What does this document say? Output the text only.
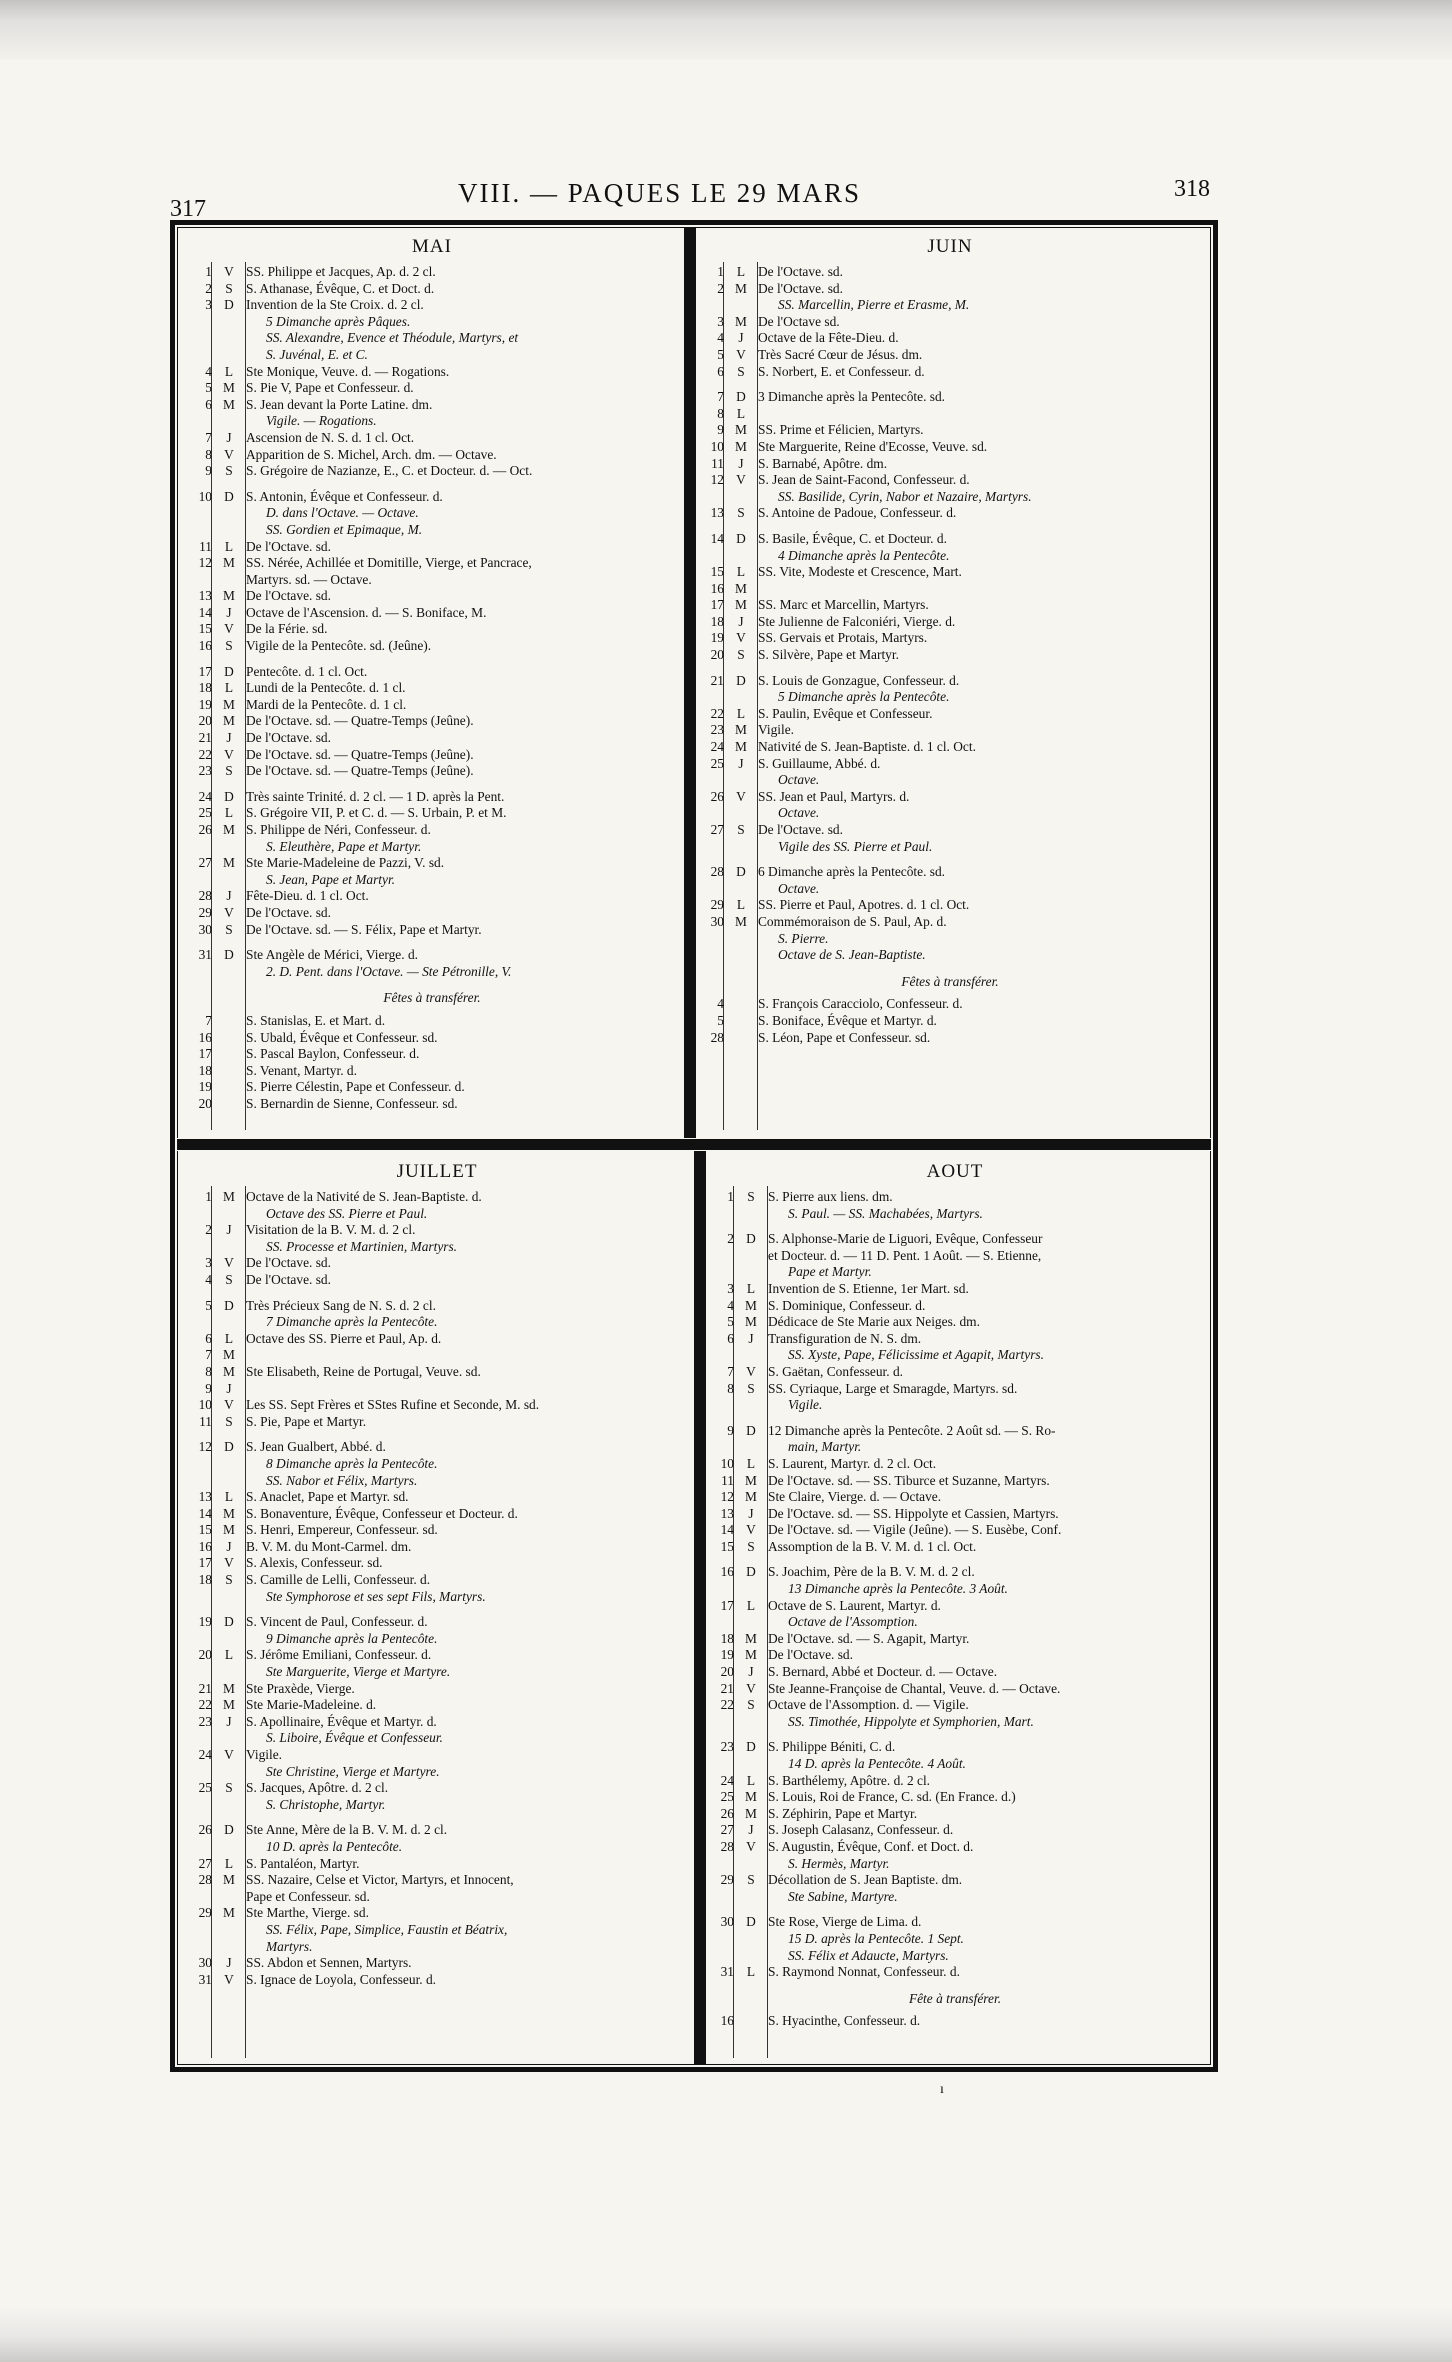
317
VIII. — PAQUES LE 29 MARS	318
MAI
1 V SS. Philippe et Jacques, Ap. d. 2 cl.
2 S S. Athanase, Évêque, C. et Doct. d.
3 D Invention de la Ste Croix. d. 2 cl.
5 Dimanche après Pâques.
SS. Alexandre, Evence et Théodule, Martyrs, et
S. Juvénal, E. et C.
4 L Ste Monique, Veuve. d. — Rogations.
5 M S. Pie V, Pape et Confesseur. d.
6 M S. Jean devant la Porte Latine. dm.
Vigile. — Rogations.
7	J	Ascension de N. S. d. 1 cl. Oct.
8 V Apparition de S. Michel, Arch. dm. — Octave.
9 S S. Grégoire de Nazianze, E., C. et Docteur. d. — Oct.
10 D S. Antonin, Évêque et Confesseur. d.
D. dans l'Octave. — Octave.
SS. Gordien et Epimaque, M.
11 L De l'Octave. sd.
12 M SS. Nérée, Achillée et Domitille, Vierge, et Pancrace,
Martyrs. sd. — Octave.
13 M De l'Octave. sd.
14	J	Octave de l'Ascension. d. — S. Boniface, M.
15 V De la Férie. sd.
16 S Vigile de la Pentecôte. sd. (Jeûne).
17 D Pentecôte. d. 1 cl. Oct.
18 L Lundi de la Pentecôte. d. 1 cl.
19 M Mardi de la Pentecôte. d. 1 cl.
20 M De l'Octave. sd. — Quatre-Temps (Jeûne).
21	J	De l'Octave. sd.
22 V De l'Octave. sd. — Quatre-Temps (Jeûne).
23 S De l'Octave. sd. — Quatre-Temps (Jeûne).
24 D Très sainte Trinité. d. 2 cl. — 1 D. après la Pent.
25 L S. Grégoire VII, P. et C. d. — S. Urbain, P. et M.
26 M S. Philippe de Néri, Confesseur. d.
S. Eleuthère, Pape et Martyr.
27 M Ste Marie-Madeleine de Pazzi, V. sd.
S. Jean, Pape et Martyr.
28	J	Fête-Dieu. d. 1 cl. Oct.
29 V De l'Octave. sd.
30 S De l'Octave. sd. — S. Félix, Pape et Martyr.
31 D Ste Angèle de Mérici, Vierge. d.
2. D. Pent. dans l'Octave. — Ste Pétronille, V.
Fêtes à transférer.
7	S. Stanislas, E. et Mart. d.
16	S. Ubald, Évêque et Confesseur. sd.
17	S. Pascal Baylon, Confesseur. d.
18	S. Venant, Martyr. d.
19	S. Pierre Célestin, Pape et Confesseur. d.
20	S. Bernardin de Sienne, Confesseur. sd.
JUIN
1 L De l'Octave. sd.
2 M De l'Octave. sd.
SS. Marcellin, Pierre et Erasme, M.
3 M De l'Octave sd.
4	J	Octave de la Fête-Dieu. d.
5 V Très Sacré Cœur de Jésus. dm.
6 S S. Norbert, E. et Confesseur. d.
7 D 3 Dimanche après la Pentecôte. sd.
8 L
9 M SS. Prime et Félicien, Martyrs.
10 M Ste Marguerite, Reine d'Ecosse, Veuve. sd.
11	J	S. Barnabé, Apôtre. dm.
12 V S. Jean de Saint-Facond, Confesseur. d.
SS. Basilide, Cyrin, Nabor et Nazaire, Martyrs.
13 S S. Antoine de Padoue, Confesseur. d.
14 D S. Basile, Évêque, C. et Docteur. d.
4 Dimanche après la Pentecôte.
15 L SS. Vite, Modeste et Crescence, Mart.
16 M
17 M SS. Marc et Marcellin, Martyrs.
18	J	Ste Julienne de Falconiéri, Vierge. d.
19 V SS. Gervais et Protais, Martyrs.
20 S S. Silvère, Pape et Martyr.
21 D S. Louis de Gonzague, Confesseur. d.
5 Dimanche après la Pentecôte.
22 L S. Paulin, Evêque et Confesseur.
23 M Vigile.
24 M Nativité de S. Jean-Baptiste. d. 1 cl. Oct.
25	J	S. Guillaume, Abbé. d.
Octave.
26 V SS. Jean et Paul, Martyrs. d.
Octave.
27 S De l'Octave. sd.
Vigile des SS. Pierre et Paul.
28 D 6 Dimanche après la Pentecôte. sd.
Octave.
29 L SS. Pierre et Paul, Apotres. d. 1 cl. Oct.
30 M Commémoraison de S. Paul, Ap. d.
S. Pierre.
Octave de S. Jean-Baptiste.
Fêtes à transférer.
4	S. François Caracciolo, Confesseur. d.
5	S. Boniface, Évêque et Martyr. d.
28	S. Léon, Pape et Confesseur. sd.
JUILLET
1 M Octave de la Nativité de S. Jean-Baptiste. d.
Octave des SS. Pierre et Paul.
2	J	Visitation de la B. V. M. d. 2 cl.
SS. Processe et Martinien, Martyrs.
3 V De l'Octave. sd.
4 S De l'Octave. sd.
5 D Très Précieux Sang de N. S. d. 2 cl.
7 Dimanche après la Pentecôte.
6 L Octave des SS. Pierre et Paul, Ap. d.
7 M
8 M Ste Elisabeth, Reine de Portugal, Veuve. sd.
9	J
10 V Les SS. Sept Frères et SStes Rufine et Seconde, M. sd.
11 S S. Pie, Pape et Martyr.
12 D S. Jean Gualbert, Abbé. d.
8 Dimanche après la Pentecôte.
SS. Nabor et Félix, Martyrs.
13 L S. Anaclet, Pape et Martyr. sd.
14 M S. Bonaventure, Évêque, Confesseur et Docteur. d.
15 M S. Henri, Empereur, Confesseur. sd.
16	J	B. V. M. du Mont-Carmel. dm.
17 V S. Alexis, Confesseur. sd.
18 S S. Camille de Lelli, Confesseur. d.
Ste Symphorose et ses sept Fils, Martyrs.
19 D S. Vincent de Paul, Confesseur. d.
9 Dimanche après la Pentecôte.
20 L S. Jérôme Emiliani, Confesseur. d.
Ste Marguerite, Vierge et Martyre.
21 M Ste Praxède, Vierge.
22 M Ste Marie-Madeleine. d.
23	J	S. Apollinaire, Évêque et Martyr. d.
S. Liboire, Évêque et Confesseur.
24 V Vigile.
Ste Christine, Vierge et Martyre.
25 S S. Jacques, Apôtre. d. 2 cl.
S. Christophe, Martyr.
26 D Ste Anne, Mère de la B. V. M. d. 2 cl.
10 D. après la Pentecôte.
27 L S. Pantaléon, Martyr.
28 M SS. Nazaire, Celse et Victor, Martyrs, et Innocent,
Pape et Confesseur. sd.
29 M Ste Marthe, Vierge. sd.
SS. Félix, Pape, Simplice, Faustin et Béatrix,
Martyrs.
30	J	SS. Abdon et Sennen, Martyrs.
31 V S. Ignace de Loyola, Confesseur. d.
AOUT
1 S S. Pierre aux liens. dm.
S. Paul. — SS. Machabées, Martyrs.
2 D S. Alphonse-Marie de Liguori, Evêque, Confesseur
et Docteur. d. — 11 D. Pent. 1 Août. — S. Etienne,
Pape et Martyr.
3 L Invention de S. Etienne, 1er Mart. sd.
4 M S. Dominique, Confesseur. d.
5 M Dédicace de Ste Marie aux Neiges. dm.
6	J	Transfiguration de N. S. dm.
SS. Xyste, Pape, Félicissime et Agapit, Martyrs.
7 V S. Gaëtan, Confesseur. d.
8 S SS. Cyriaque, Large et Smaragde, Martyrs. sd.
Vigile.
9 D 12 Dimanche après la Pentecôte. 2 Août sd. — S. Ro-
main, Martyr.
10 L S. Laurent, Martyr. d. 2 cl. Oct.
11 M De l'Octave. sd. — SS. Tiburce et Suzanne, Martyrs.
12 M Ste Claire, Vierge. d. — Octave.
13	J	De l'Octave. sd. — SS. Hippolyte et Cassien, Martyrs.
14 V De l'Octave. sd. — Vigile (Jeûne). — S. Eusèbe, Conf.
15 S Assomption de la B. V. M. d. 1 cl. Oct.
16 D S. Joachim, Père de la B. V. M. d. 2 cl.
13 Dimanche après la Pentecôte. 3 Août.
17 L Octave de S. Laurent, Martyr. d.
Octave de l'Assomption.
18 M De l'Octave. sd. — S. Agapit, Martyr.
19 M De l'Octave. sd.
20	J	S. Bernard, Abbé et Docteur. d. — Octave.
21 V Ste Jeanne-Françoise de Chantal, Veuve. d. — Octave.
22 S Octave de l'Assomption. d. — Vigile.
SS. Timothée, Hippolyte et Symphorien, Mart.
23 D S. Philippe Béniti, C. d.
14 D. après la Pentecôte. 4 Août.
24 L S. Barthélemy, Apôtre. d. 2 cl.
25 M S. Louis, Roi de France, C. sd. (En France. d.)
26 M S. Zéphirin, Pape et Martyr.
27	J	S. Joseph Calasanz, Confesseur. d.
28 V S. Augustin, Évêque, Conf. et Doct. d.
S. Hermès, Martyr.
29 S Décollation de S. Jean Baptiste. dm.
Ste Sabine, Martyre.
30 D Ste Rose, Vierge de Lima. d.
15 D. après la Pentecôte. 1 Sept.
SS. Félix et Adaucte, Martyrs.
31 L S. Raymond Nonnat, Confesseur. d.
Fête à transférer.
16	S. Hyacinthe, Confesseur. d.
ı
